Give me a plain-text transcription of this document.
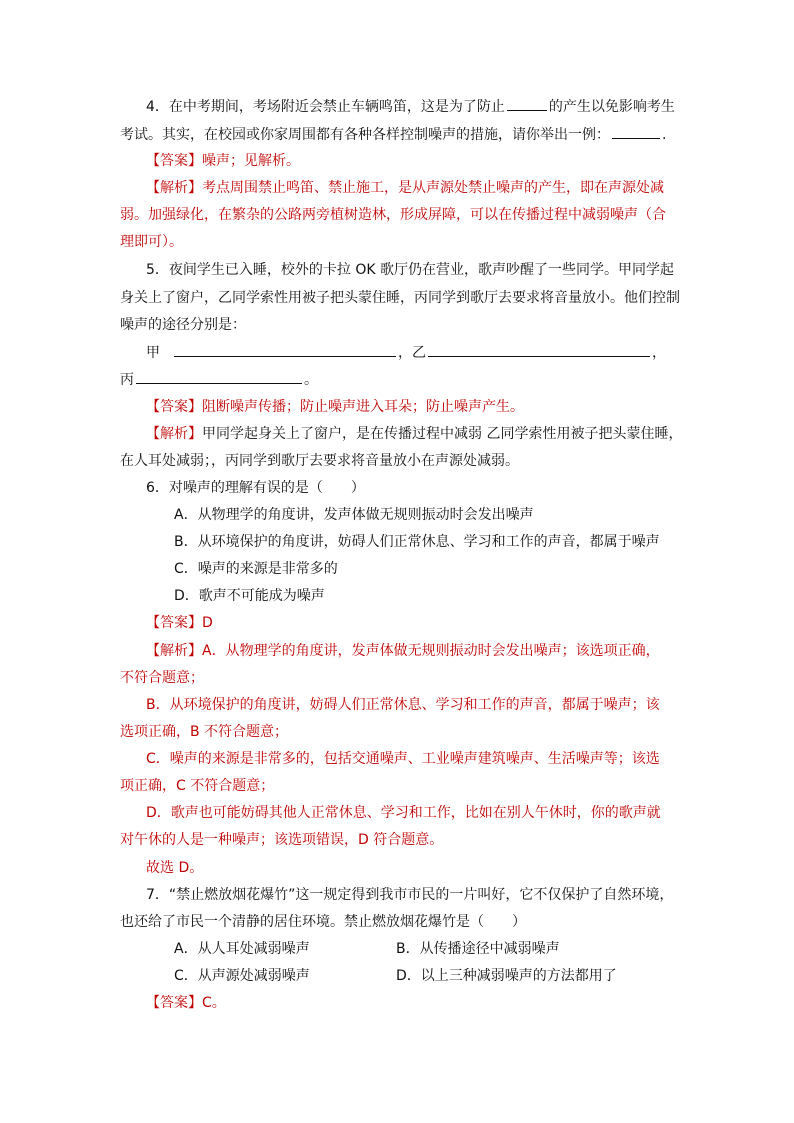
4．在中考期间，考场附近会禁止车辆鸣笛，这是为了防止	的产生以免影响考生
考试。其实，在校园或你家周围都有各种各样控制噪声的措施，请你举出一例：	.
【答案】噪声；见解析。
【解析】考点周围禁止鸣笛、禁止施工，是从声源处禁止噪声的产生，即在声源处减
弱。加强绿化，在繁杂的公路两旁植树造林，形成屏障，可以在传播过程中减弱噪声（合
理即可）。
5．夜间学生已入睡，校外的卡拉 OK 歌厅仍在营业，歌声吵醒了一些同学。甲同学起
身关上了窗户，乙同学索性用被子把头蒙住睡，丙同学到歌厅去要求将音量放小。他们控制
噪声的途径分别是：
甲	，乙	，
丙	。
【答案】阻断噪声传播；防止噪声进入耳朵；防止噪声产生。
【解析】甲同学起身关上了窗户，是在传播过程中减弱 乙同学索性用被子把头蒙住睡，
在人耳处减弱；，丙同学到歌厅去要求将音量放小在声源处减弱。
6．对噪声的理解有误的是（　　）
A．从物理学的角度讲，发声体做无规则振动时会发出噪声
B．从环境保护的角度讲，妨碍人们正常休息、学习和工作的声音，都属于噪声
C．噪声的来源是非常多的
D．歌声不可能成为噪声
【答案】D
【解析】A．从物理学的角度讲，发声体做无规则振动时会发出噪声；该选项正确，
不符合题意；
B．从环境保护的角度讲，妨碍人们正常休息、学习和工作的声音，都属于噪声；该
选项正确，B 不符合题意；
C．噪声的来源是非常多的，包括交通噪声、工业噪声建筑噪声、生活噪声等；该选
项正确，C 不符合题意；
D．歌声也可能妨碍其他人正常休息、学习和工作，比如在别人午休时，你的歌声就
对午休的人是一种噪声；该选项错误，D 符合题意。
故选 D。
7．“禁止燃放烟花爆竹”这一规定得到我市市民的一片叫好，它不仅保护了自然环境，
也还给了市民一个清静的居住环境。禁止燃放烟花爆竹是（　　）
A．从人耳处减弱噪声	B．从传播途径中减弱噪声
C．从声源处减弱噪声	D．以上三种减弱噪声的方法都用了
【答案】C。
